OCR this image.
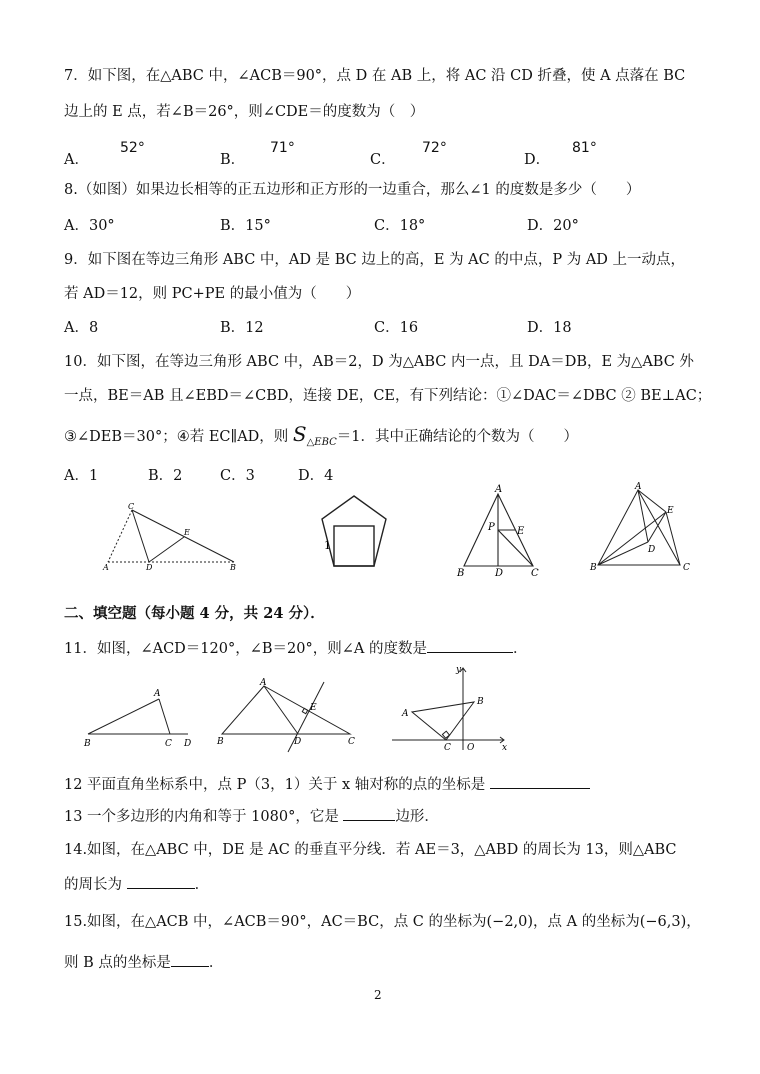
7．如下图，在△ABC 中，∠ACB＝90°，点 D 在 AB 上，将 AC 沿 CD 折叠，使 A 点落在 BC
边上的 E 点，若∠B＝26°，则∠CDE＝的度数为（　）
A．
52°
B．
71°
C．
72°
D．
81°
8.（如图）如果边长相等的正五边形和正方形的一边重合，那么∠1 的度数是多少（　　）
A．30°	B．15°	C．18°	D．20°
9．如下图在等边三角形 ABC 中，AD 是 BC 边上的高，E 为 AC 的中点，P 为 AD 上一动点，
若 AD＝12，则 PC+PE 的最小值为（　　）
A．8	B．12	C．16	D．18
10．如下图，在等边三角形 ABC 中，AB＝2，D 为△ABC 内一点，且 DA＝DB，E 为△ABC 外
一点，BE＝AB 且∠EBD＝∠CBD，连接 DE，CE，有下列结论：①∠DAC＝∠DBC ② BE⊥AC；
③∠DEB＝30°；④若 EC∥AD，则 $S_{\triangle EBC}=1$．其中正确结论的个数为（　　）
A．1	B．2	C．3	D．4
C
E
A	D	B
1
A
P E
B	D	C
A
E
D
B	C
二、填空题（每小题 4 分，共 24 分）．
11．如图，∠ACD＝120°，∠B＝20°，则∠A 的度数是	．
A
B	C D
A
E
B	D	C
y
B
A
C O	x
12 平面直角坐标系中，点 P（3，1）关于 x 轴对称的点的坐标是
13 一个多边形的内角和等于 1080°，它是	边形．
14.如图，在△ABC 中，DE 是 AC 的垂直平分线．若 AE＝3，△ABD 的周长为 13，则△ABC
的周长为	．
15.如图，在△ACB 中，∠ACB＝90°，AC＝BC，点 C 的坐标为(−2,0)，点 A 的坐标为(−6,3)，
则 B 点的坐标是	．
2
